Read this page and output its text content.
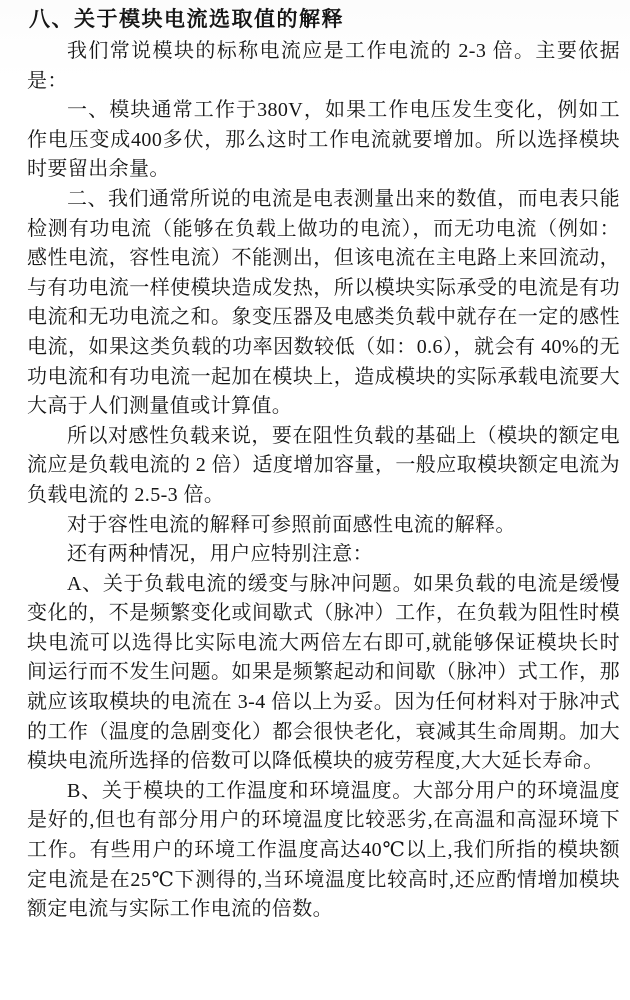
八、关于模块电流选取值的解释

我们常说模块的标称电流应是工作电流的 2-3 倍。主要依据是：

一、模块通常工作于380V，如果工作电压发生变化，例如工作电压变成400多伏，那么这时工作电流就要增加。所以选择模块时要留出余量。

二、我们通常所说的电流是电表测量出来的数值，而电表只能检测有功电流（能够在负载上做功的电流），而无功电流（例如：感性电流，容性电流）不能测出，但该电流在主电路上来回流动，与有功电流一样使模块造成发热，所以模块实际承受的电流是有功电流和无功电流之和。象变压器及电感类负载中就存在一定的感性电流，如果这类负载的功率因数较低（如：0.6），就会有 40%的无功电流和有功电流一起加在模块上，造成模块的实际承载电流要大大高于人们测量值或计算值。

所以对感性负载来说，要在阻性负载的基础上（模块的额定电流应是负载电流的 2 倍）适度增加容量，一般应取模块额定电流为负载电流的 2.5-3 倍。

对于容性电流的解释可参照前面感性电流的解释。

还有两种情况，用户应特别注意：

A、关于负载电流的缓变与脉冲问题。如果负载的电流是缓慢变化的，不是频繁变化或间歇式（脉冲）工作，在负载为阻性时模块电流可以选得比实际电流大两倍左右即可,就能够保证模块长时间运行而不发生问题。如果是频繁起动和间歇（脉冲）式工作，那就应该取模块的电流在 3-4 倍以上为妥。因为任何材料对于脉冲式的工作（温度的急剧变化）都会很快老化，衰减其生命周期。加大模块电流所选择的倍数可以降低模块的疲劳程度,大大延长寿命。

B、关于模块的工作温度和环境温度。大部分用户的环境温度是好的,但也有部分用户的环境温度比较恶劣,在高温和高湿环境下工作。有些用户的环境工作温度高达40℃以上,我们所指的模块额定电流是在25℃下测得的,当环境温度比较高时,还应酌情增加模块额定电流与实际工作电流的倍数。
